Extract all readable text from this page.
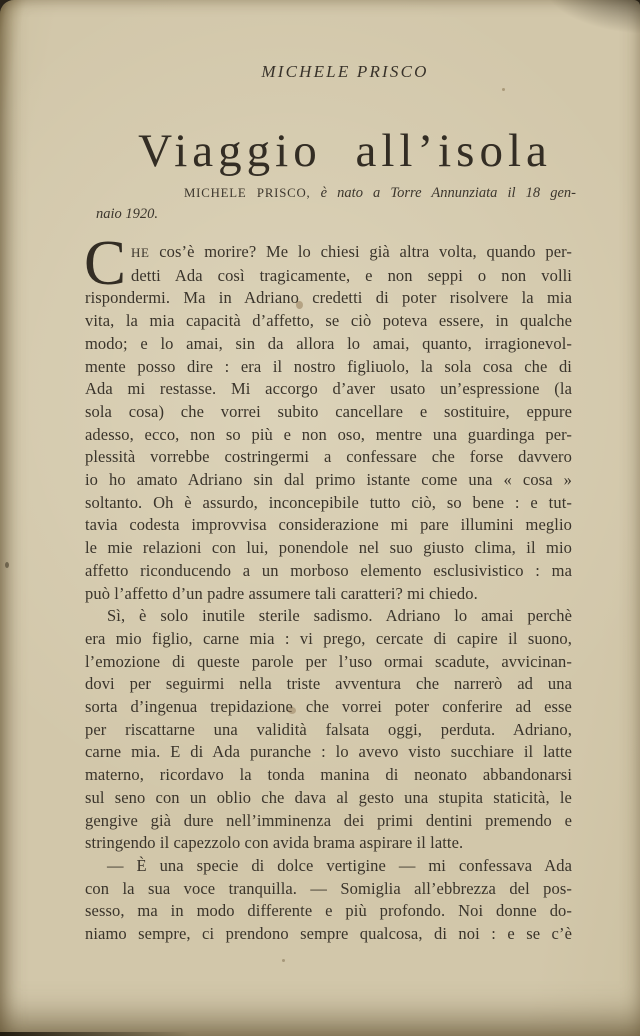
MICHELE PRISCO
Viaggio all’isola
MICHELE PRISCO, è nato a Torre Annunziata il 18 gen-
naio 1920.
C HE cos’è morire? Me lo chiesi già altra volta, quando per-
detti Ada così tragicamente, e non seppi o non volli
rispondermi. Ma in Adriano credetti di poter risolvere la mia
vita, la mia capacità d’affetto, se ciò poteva essere, in qualche
modo; e lo amai, sin da allora lo amai, quanto, irragionevol-
mente posso dire : era il nostro figliuolo, la sola cosa che di
Ada mi restasse. Mi accorgo d’aver usato un’espressione (la
sola cosa) che vorrei subito cancellare e sostituire, eppure
adesso, ecco, non so più e non oso, mentre una guardinga per-
plessità vorrebbe costringermi a confessare che forse davvero
io ho amato Adriano sin dal primo istante come una « cosa »
soltanto. Oh è assurdo, inconcepibile tutto ciò, so bene : e tut-
tavia codesta improvvisa considerazione mi pare illumini meglio
le mie relazioni con lui, ponendole nel suo giusto clima, il mio
affetto riconducendo a un morboso elemento esclusivistico : ma
può l’affetto d’un padre assumere tali caratteri? mi chiedo.
Sì, è solo inutile sterile sadismo. Adriano lo amai perchè
era mio figlio, carne mia : vi prego, cercate di capire il suono,
l’emozione di queste parole per l’uso ormai scadute, avvicinan-
dovi per seguirmi nella triste avventura che narrerò ad una
sorta d’ingenua trepidazione che vorrei poter conferire ad esse
per riscattarne una validità falsata oggi, perduta. Adriano,
carne mia. E di Ada puranche : lo avevo visto succhiare il latte
materno, ricordavo la tonda manina di neonato abbandonarsi
sul seno con un oblio che dava al gesto una stupita staticità, le
gengive già dure nell’imminenza dei primi dentini premendo e
stringendo il capezzolo con avida brama aspirare il latte.
— È una specie di dolce vertigine — mi confessava Ada
con la sua voce tranquilla. — Somiglia all’ebbrezza del pos-
sesso, ma in modo differente e più profondo. Noi donne do-
niamo sempre, ci prendono sempre qualcosa, di noi : e se c’è
